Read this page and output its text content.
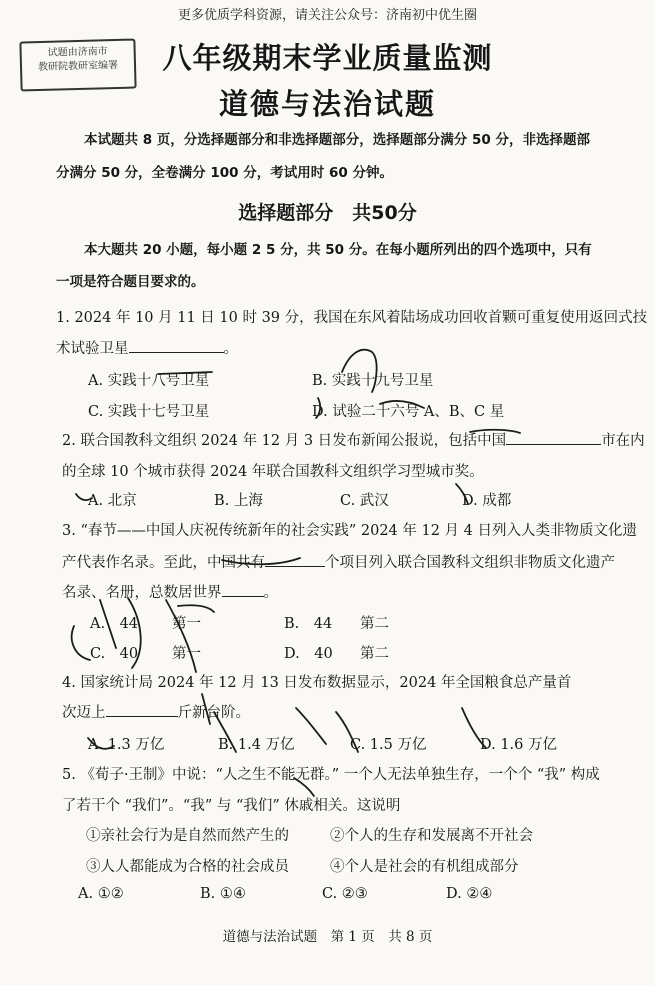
更多优质学科资源，请关注公众号：济南初中优生圈
试题由济南市
教研院教研室编署	八年级期末学业质量监测
道德与法治试题
本试题共 8 页，分选择题部分和非选择题部分，选择题部分满分 50 分，非选择题部
分满分 50 分，全卷满分 100 分，考试用时 60 分钟。
选择题部分　共50分
本大题共 20 小题，每小题 2 5 分，共 50 分。在每小题所列出的四个选项中，只有
一项是符合题目要求的。
1. 2024 年 10 月 11 日 10 时 39 分，我国在东风着陆场成功回收首颗可重复使用返回式技
术试验卫星	。
A. 实践十八号卫星	B. 实践十九号卫星
C. 实践十七号卫星	D. 试验二十六号 A、B、C 星
2. 联合国教科文组织 2024 年 12 月 3 日发布新闻公报说，包括中国	市在内
的全球 10 个城市获得 2024 年联合国教科文组织学习型城市奖。
A. 北京	B. 上海	C. 武汉	D. 成都
3. “春节——中国人庆祝传统新年的社会实践” 2024 年 12 月 4 日列入人类非物质文化遗
产代表作名录。至此，中国共有	个项目列入联合国教科文组织非物质文化遗产
名录、名册，总数居世界	。
A.　44 第一	B.　44 第二
C.　40 第一	D.　40 第二
4. 国家统计局 2024 年 12 月 13 日发布数据显示，2024 年全国粮食总产量首
次迈上	斤新台阶。
A. 1.3 万亿	B. 1.4 万亿	C. 1.5 万亿	D. 1.6 万亿
5. 《荀子·王制》中说：“人之生不能无群。” 一个人无法单独生存，一个个 “我” 构成
了若干个 “我们”。“我” 与 “我们” 休戚相关。这说明
①亲社会行为是自然而然产生的	②个人的生存和发展离不开社会
③人人都能成为合格的社会成员	④个人是社会的有机组成部分
A. ①②	B. ①④	C. ②③	D. ②④
道德与法治试题　第 1 页　共 8 页
